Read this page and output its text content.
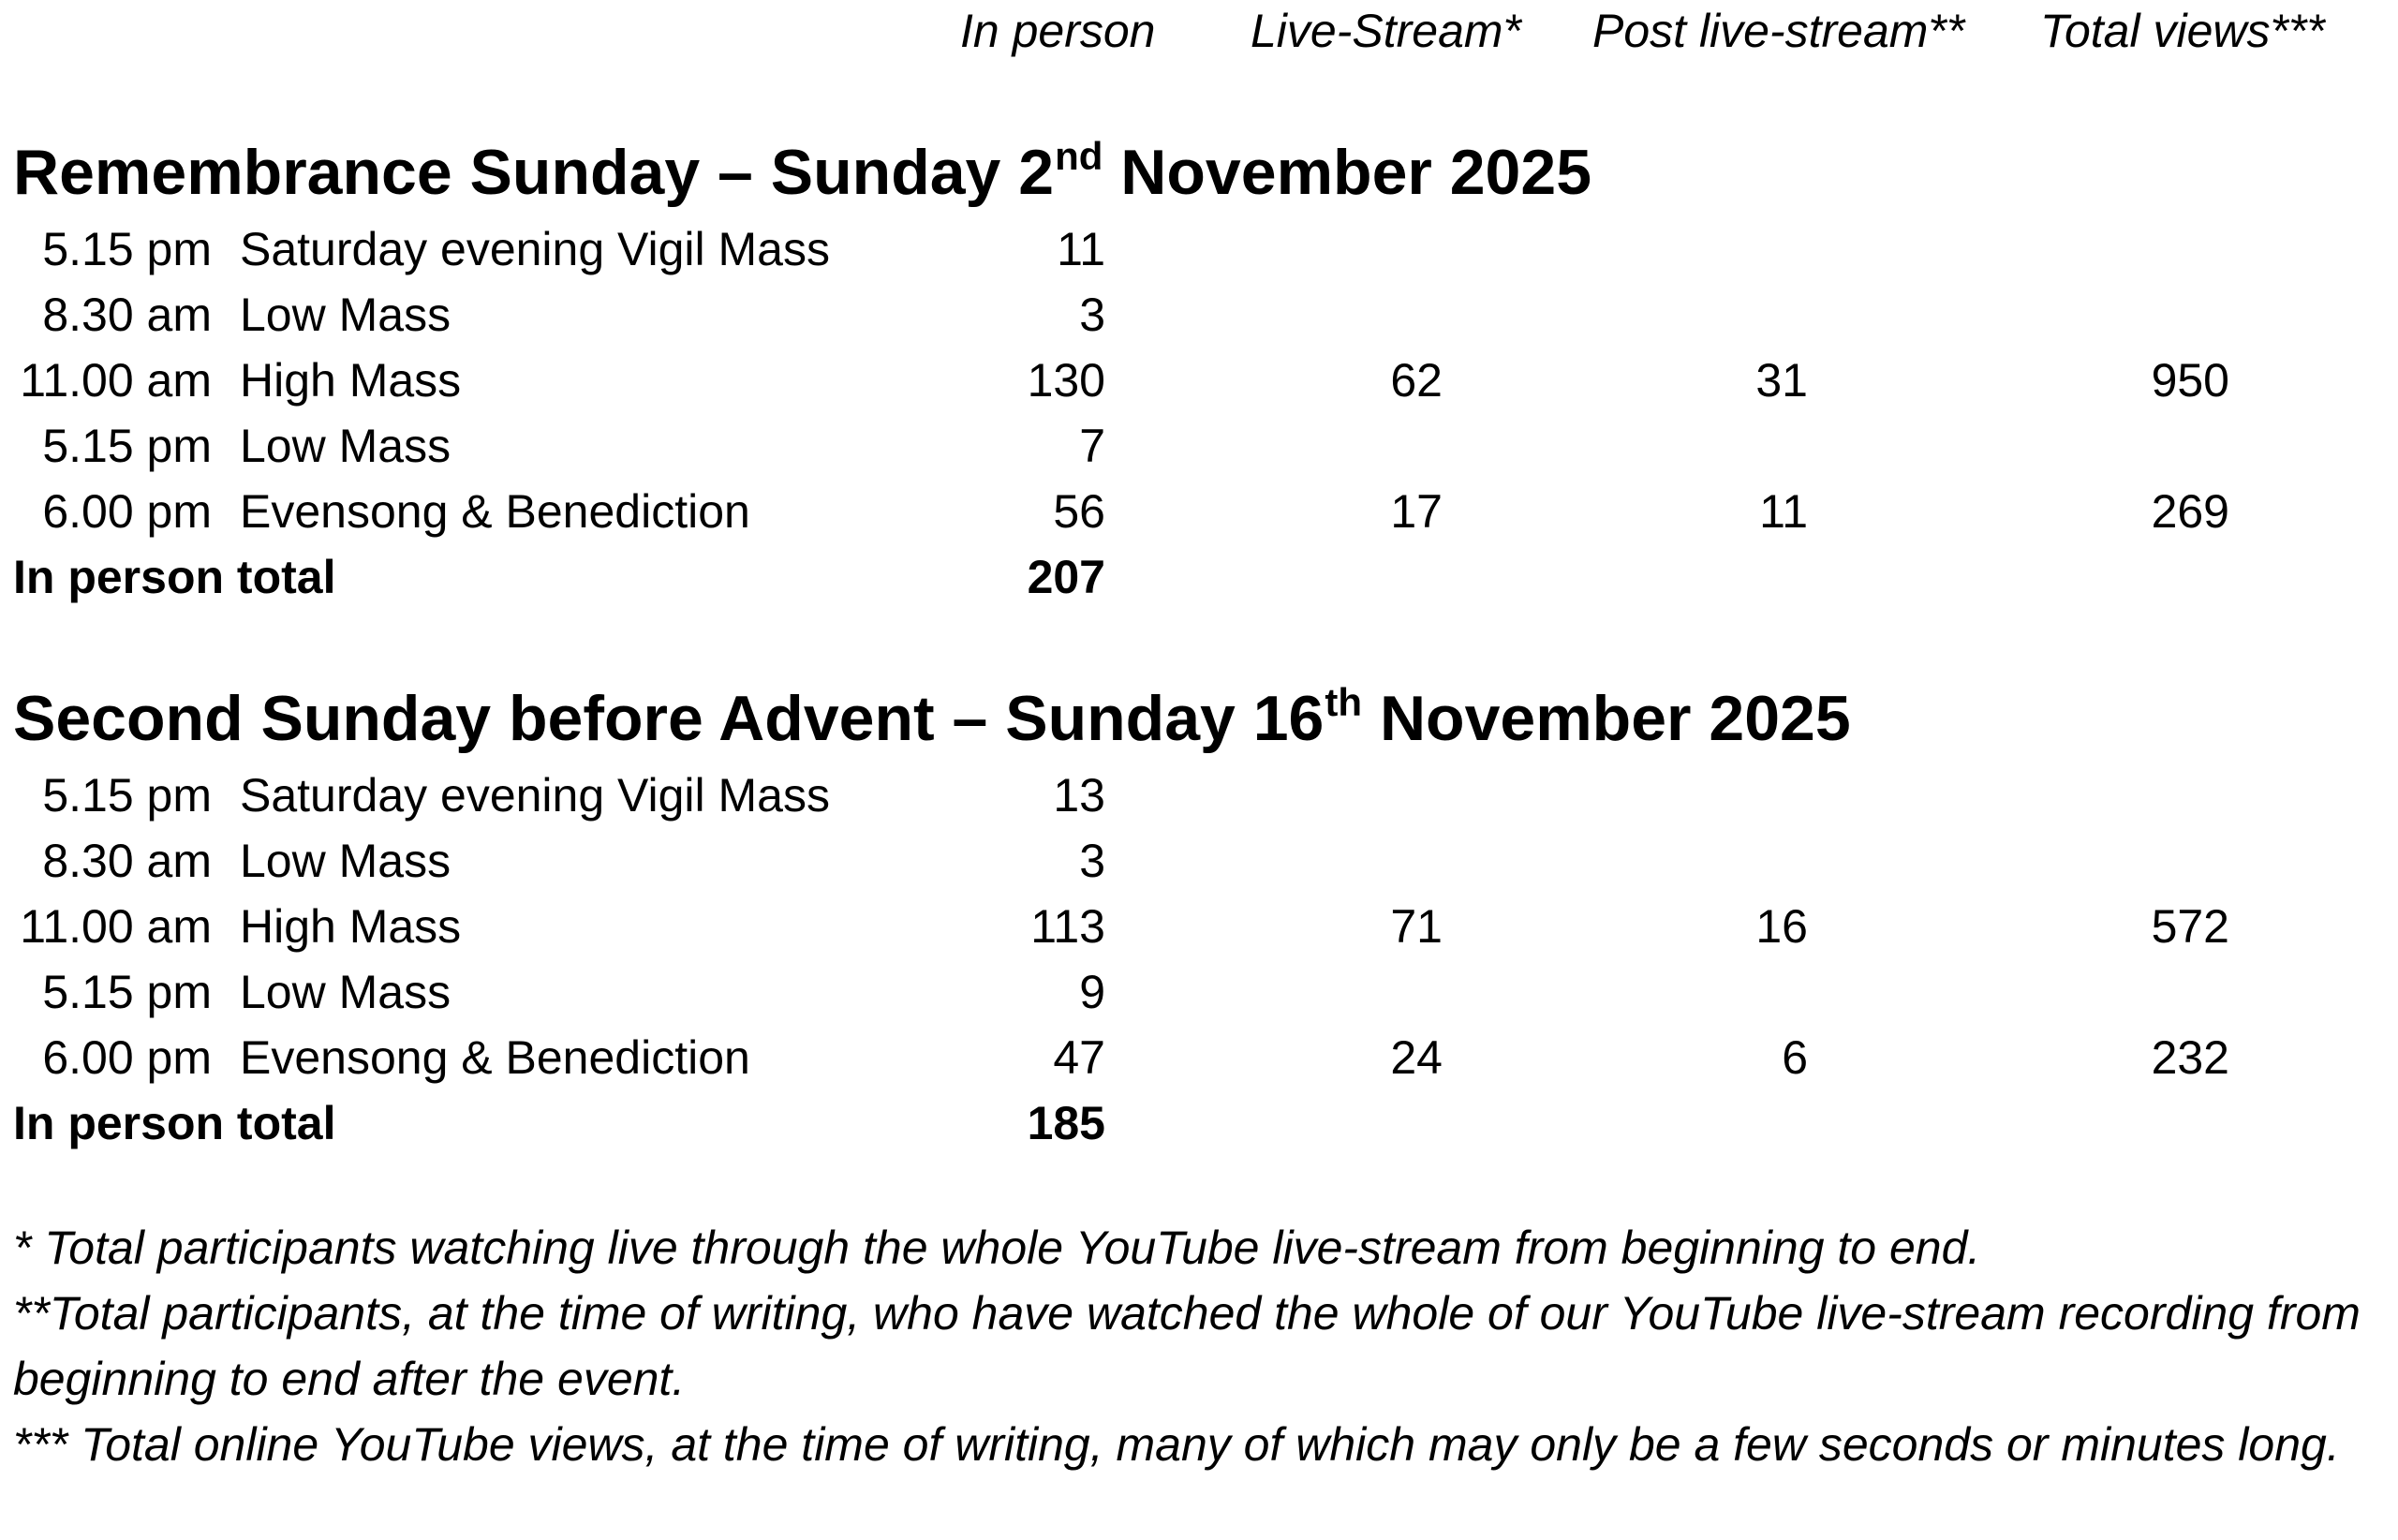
In person Live-Stream* Post live-stream** Total views***
Remembrance Sunday – Sunday 2nd November 2025
5.15 pm Saturday evening Vigil Mass	11
8.30 am Low Mass	3
11.00 am High Mass	130	62	31	950
5.15 pm Low Mass	7
6.00 pm Evensong & Benediction	56	17	11	269
In person total	207
Second Sunday before Advent – Sunday 16th November 2025
5.15 pm Saturday evening Vigil Mass	13
8.30 am Low Mass	3
11.00 am High Mass	113	71	16	572
5.15 pm Low Mass	9
6.00 pm Evensong & Benediction	47	24	6	232
In person total	185

* Total participants watching live through the whole YouTube live-stream from beginning to end.

**Total participants, at the time of writing, who have watched the whole of our YouTube live-stream recording from beginning to end after the event.

*** Total online YouTube views, at the time of writing, many of which may only be a few seconds or minutes long.
